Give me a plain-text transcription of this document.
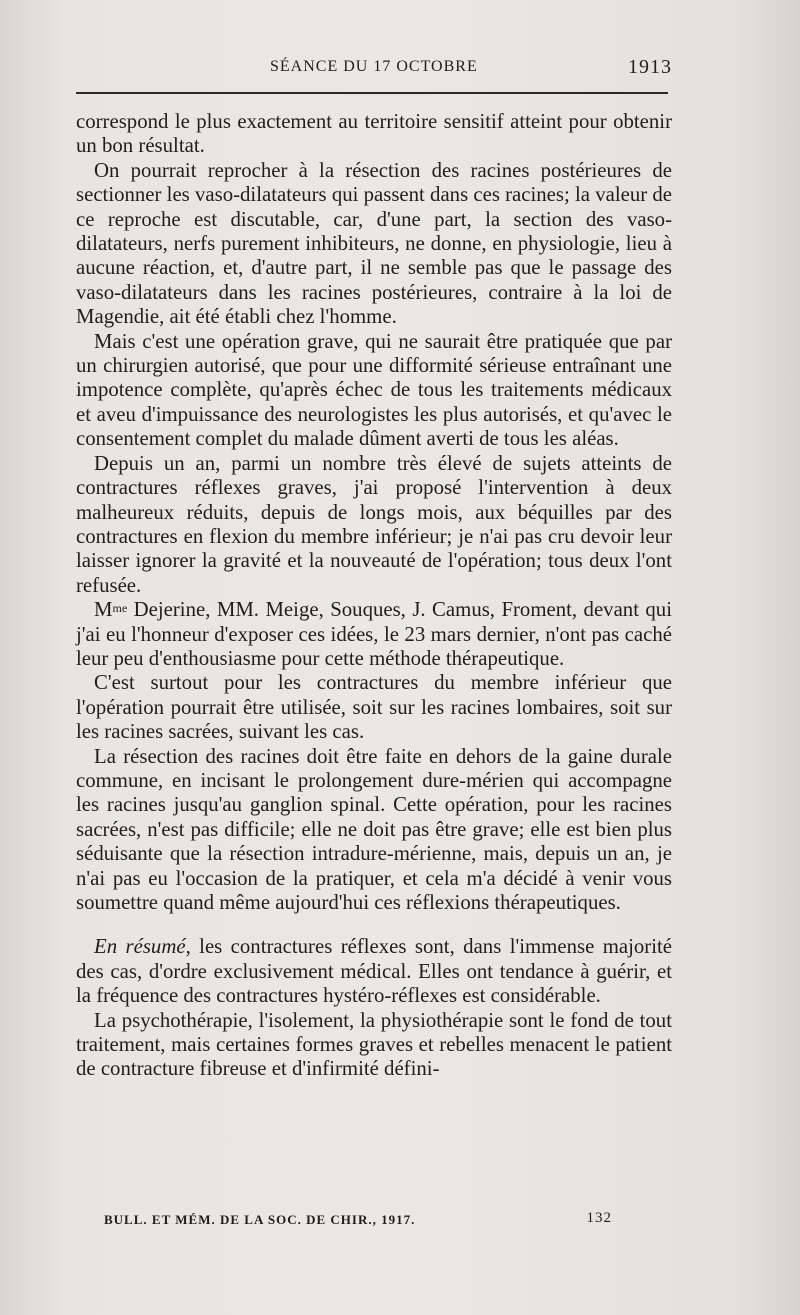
SÉANCE DU 17 OCTOBRE	1913

correspond le plus exactement au territoire sensitif atteint pour obtenir un bon résultat.

On pourrait reprocher à la résection des racines postérieures de sectionner les vaso-dilatateurs qui passent dans ces racines; la valeur de ce reproche est discutable, car, d'une part, la section des vaso-dilatateurs, nerfs purement inhibiteurs, ne donne, en physiologie, lieu à aucune réaction, et, d'autre part, il ne semble pas que le passage des vaso-dilatateurs dans les racines postérieures, contraire à la loi de Magendie, ait été établi chez l'homme.

Mais c'est une opération grave, qui ne saurait être pratiquée que par un chirurgien autorisé, que pour une difformité sérieuse entraînant une impotence complète, qu'après échec de tous les traitements médicaux et aveu d'impuissance des neurologistes les plus autorisés, et qu'avec le consentement complet du malade dûment averti de tous les aléas.

Depuis un an, parmi un nombre très élevé de sujets atteints de contractures réflexes graves, j'ai proposé l'intervention à deux malheureux réduits, depuis de longs mois, aux béquilles par des contractures en flexion du membre inférieur; je n'ai pas cru devoir leur laisser ignorer la gravité et la nouveauté de l'opération; tous deux l'ont refusée.

$M^{me}$ Dejerine, MM. Meige, Souques, J. Camus, Froment, devant qui j'ai eu l'honneur d'exposer ces idées, le 23 mars dernier, n'ont pas caché leur peu d'enthousiasme pour cette méthode thérapeutique.

C'est surtout pour les contractures du membre inférieur que l'opération pourrait être utilisée, soit sur les racines lombaires, soit sur les racines sacrées, suivant les cas.

La résection des racines doit être faite en dehors de la gaine durale commune, en incisant le prolongement dure-mérien qui accompagne les racines jusqu'au ganglion spinal. Cette opération, pour les racines sacrées, n'est pas difficile; elle ne doit pas être grave; elle est bien plus séduisante que la résection intradure-mérienne, mais, depuis un an, je n'ai pas eu l'occasion de la pratiquer, et cela m'a décidé à venir vous soumettre quand même aujourd'hui ces réflexions thérapeutiques.

En résumé, les contractures réflexes sont, dans l'immense majorité des cas, d'ordre exclusivement médical. Elles ont tendance à guérir, et la fréquence des contractures hystéro-réflexes est considérable.

La psychothérapie, l'isolement, la physiothérapie sont le fond de tout traitement, mais certaines formes graves et rebelles menacent le patient de contracture fibreuse et d'infirmité défini-

BULL. ET MÉM. DE LA SOC. DE CHIR., 1917.	132
